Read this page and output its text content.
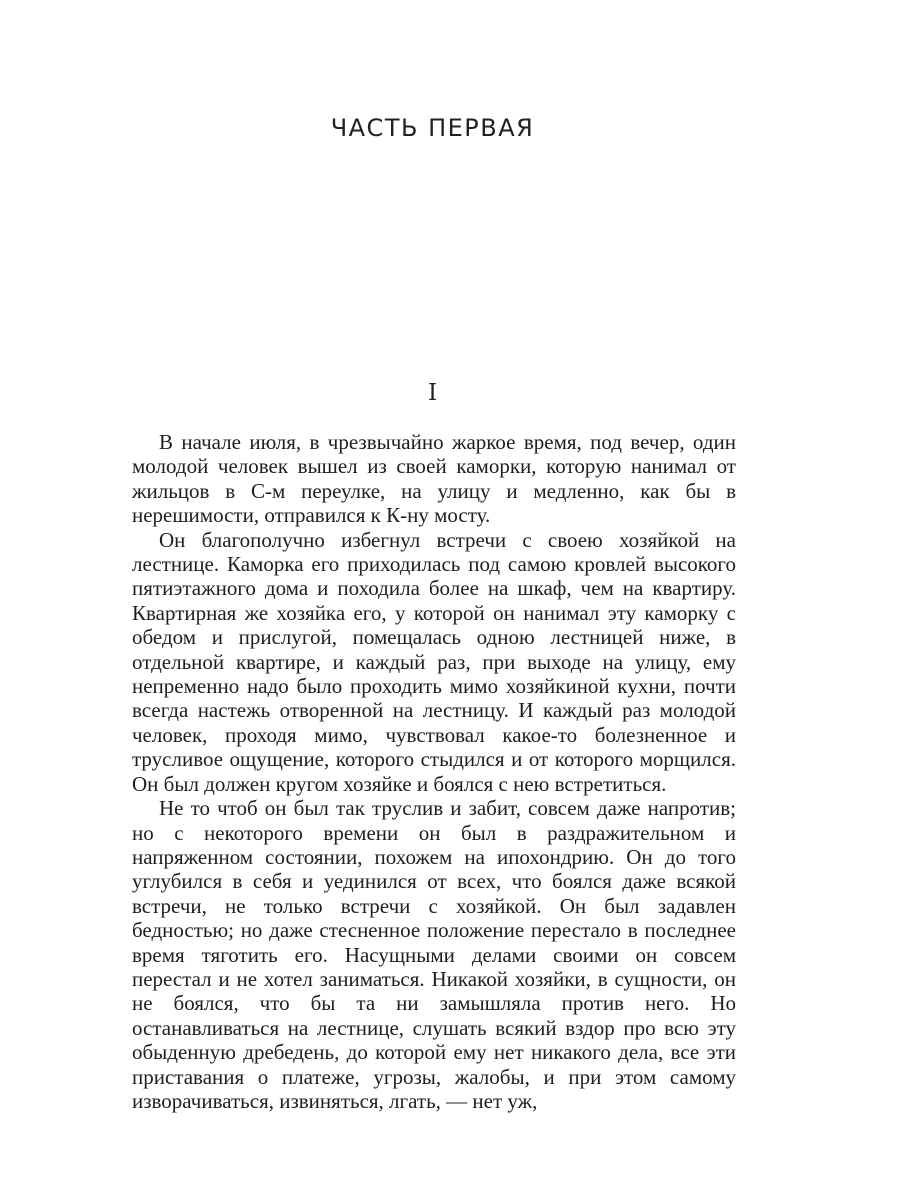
ЧАСТЬ ПЕРВАЯ
I

В начале июля, в чрезвычайно жаркое время, под вечер, один молодой человек вышел из своей каморки, которую нанимал от жильцов в С-м переулке, на улицу и медленно, как бы в нерешимости, отправился к К-ну мосту.

Он благополучно избегнул встречи с своею хозяйкой на лестнице. Каморка его приходилась под самою кровлей высокого пятиэтажного дома и походила более на шкаф, чем на квартиру. Квартирная же хозяйка его, у которой он нанимал эту каморку с обедом и прислугой, помещалась одною лестницей ниже, в отдельной квартире, и каждый раз, при выходе на улицу, ему непременно надо было проходить мимо хозяйкиной кухни, почти всегда настежь отворенной на лестницу. И каждый раз молодой человек, проходя мимо, чувствовал какое-то болезненное и трусливое ощущение, которого стыдился и от которого морщился. Он был должен кругом хозяйке и боялся с нею встретиться.

Не то чтоб он был так труслив и забит, совсем даже напротив; но с некоторого времени он был в раздражительном и напряженном состоянии, похожем на ипохондрию. Он до того углубился в себя и уединился от всех, что боялся даже всякой встречи, не только встречи с хозяйкой. Он был задавлен бедностью; но даже стесненное положение перестало в последнее время тяготить его. Насущными делами своими он совсем перестал и не хотел заниматься. Никакой хозяйки, в сущности, он не боялся, что бы та ни замышляла против него. Но останавливаться на лестнице, слушать всякий вздор про всю эту обыденную дребедень, до которой ему нет никакого дела, все эти приставания о платеже, угрозы, жалобы, и при этом самому изворачиваться, извиняться, лгать, — нет уж,
